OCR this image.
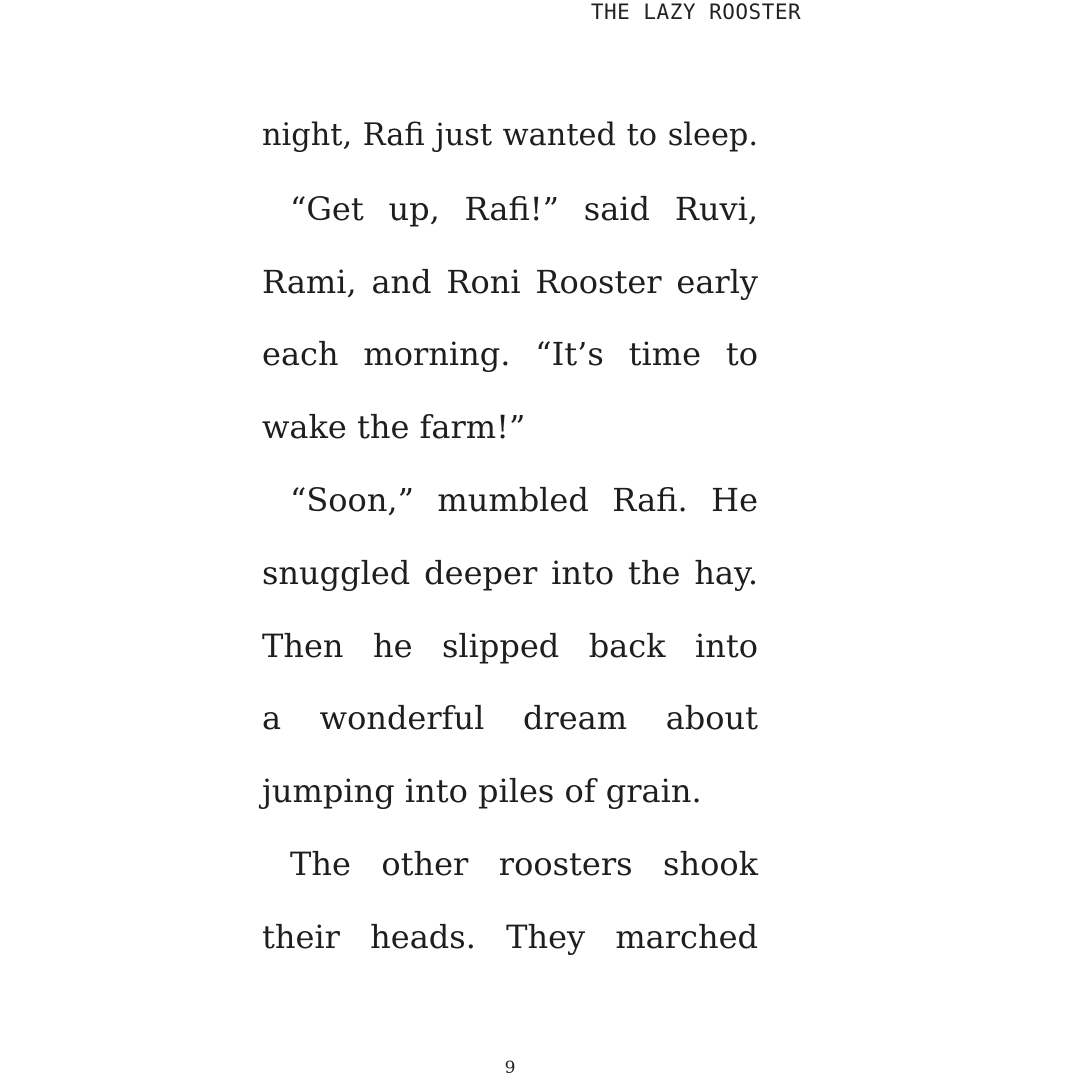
THE LAZY ROOSTER
night, Rafi just wanted to sleep.
“Get up, Rafi!” said Ruvi,
Rami, and Roni Rooster early
each morning. “It’s time to
wake the farm!”
“Soon,” mumbled Rafi. He
snuggled deeper into the hay.
Then he slipped back into
a wonderful dream about
jumping into piles of grain.
The other roosters shook
their heads. They marched
9
